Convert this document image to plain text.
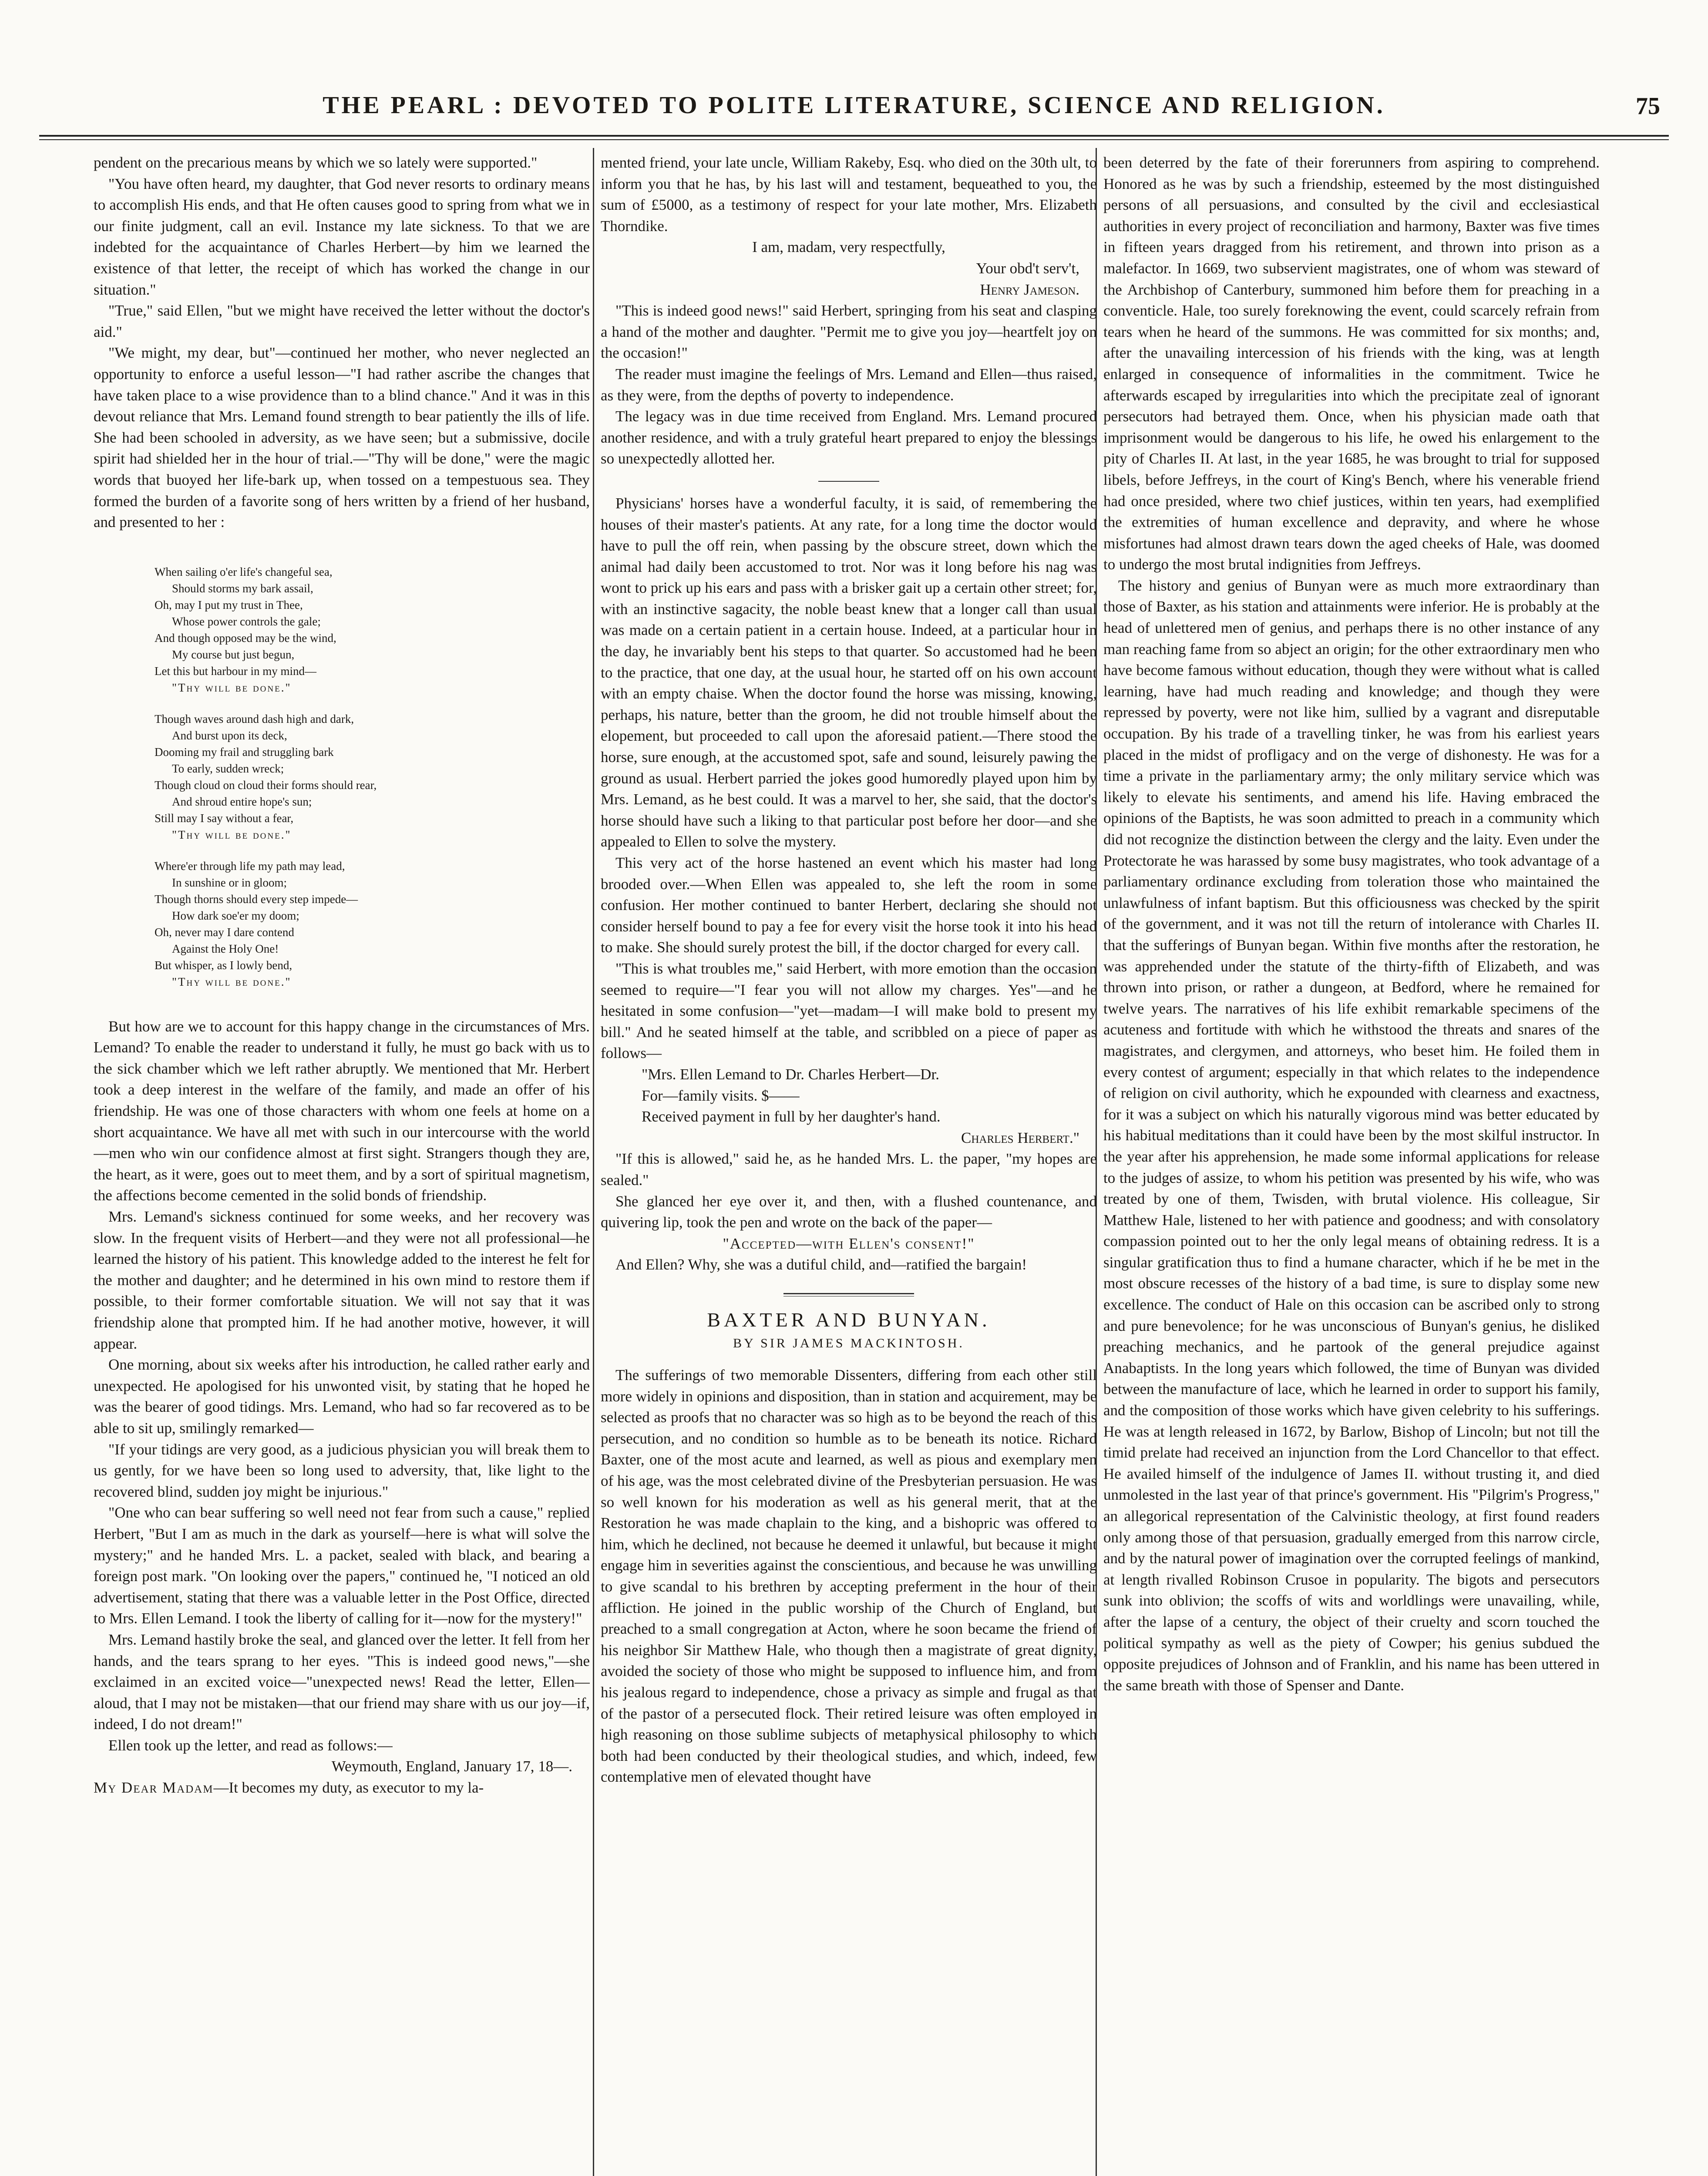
THE PEARL : DEVOTED TO POLITE LITERATURE, SCIENCE AND RELIGION.	75

pendent on the precarious means by which we so lately were supported."

"You have often heard, my daughter, that God never resorts to ordinary means to accomplish His ends, and that He often causes good to spring from what we in our finite judgment, call an evil. Instance my late sickness. To that we are indebted for the acquaintance of Charles Herbert—by him we learned the existence of that letter, the receipt of which has worked the change in our situation."

"True," said Ellen, "but we might have received the letter without the doctor's aid."

"We might, my dear, but"—continued her mother, who never neglected an opportunity to enforce a useful lesson—"I had rather ascribe the changes that have taken place to a wise providence than to a blind chance." And it was in this devout reliance that Mrs. Lemand found strength to bear patiently the ills of life. She had been schooled in adversity, as we have seen; but a submissive, docile spirit had shielded her in the hour of trial.—"Thy will be done," were the magic words that buoyed her life-bark up, when tossed on a tempestuous sea. They formed the burden of a favorite song of hers written by a friend of her husband, and presented to her :

When sailing o'er life's changeful sea,
Should storms my bark assail,
Oh, may I put my trust in Thee,
Whose power controls the gale;
And though opposed may be the wind,
My course but just begun,
Let this but harbour in my mind—
"Thy will be done."
Though waves around dash high and dark,
And burst upon its deck,
Dooming my frail and struggling bark
To early, sudden wreck;
Though cloud on cloud their forms should rear,
And shroud entire hope's sun;
Still may I say without a fear,
"Thy will be done."
Where'er through life my path may lead,
In sunshine or in gloom;
Though thorns should every step impede—
How dark soe'er my doom;
Oh, never may I dare contend
Against the Holy One!
But whisper, as I lowly bend,
"Thy will be done."

But how are we to account for this happy change in the circumstances of Mrs. Lemand? To enable the reader to understand it fully, he must go back with us to the sick chamber which we left rather abruptly. We mentioned that Mr. Herbert took a deep interest in the welfare of the family, and made an offer of his friendship. He was one of those characters with whom one feels at home on a short acquaintance. We have all met with such in our intercourse with the world—men who win our confidence almost at first sight. Strangers though they are, the heart, as it were, goes out to meet them, and by a sort of spiritual magnetism, the affections become cemented in the solid bonds of friendship.

Mrs. Lemand's sickness continued for some weeks, and her recovery was slow. In the frequent visits of Herbert—and they were not all professional—he learned the history of his patient. This knowledge added to the interest he felt for the mother and daughter; and he determined in his own mind to restore them if possible, to their former comfortable situation. We will not say that it was friendship alone that prompted him. If he had another motive, however, it will appear.

One morning, about six weeks after his introduction, he called rather early and unexpected. He apologised for his unwonted visit, by stating that he hoped he was the bearer of good tidings. Mrs. Lemand, who had so far recovered as to be able to sit up, smilingly remarked—

"If your tidings are very good, as a judicious physician you will break them to us gently, for we have been so long used to adversity, that, like light to the recovered blind, sudden joy might be injurious."

"One who can bear suffering so well need not fear from such a cause," replied Herbert, "But I am as much in the dark as yourself—here is what will solve the mystery;" and he handed Mrs. L. a packet, sealed with black, and bearing a foreign post mark. "On looking over the papers," continued he, "I noticed an old advertisement, stating that there was a valuable letter in the Post Office, directed to Mrs. Ellen Lemand. I took the liberty of calling for it—now for the mystery!"

Mrs. Lemand hastily broke the seal, and glanced over the letter. It fell from her hands, and the tears sprang to her eyes. "This is indeed good news,"—she exclaimed in an excited voice—"unexpected news! Read the letter, Ellen—aloud, that I may not be mistaken—that our friend may share with us our joy—if, indeed, I do not dream!"

Ellen took up the letter, and read as follows:—

Weymouth, England, January 17, 18—.

My Dear Madam—It becomes my duty, as executor to my la-

mented friend, your late uncle, William Rakeby, Esq. who died on the 30th ult, to inform you that he has, by his last will and testament, bequeathed to you, the sum of £5000, as a testimony of respect for your late mother, Mrs. Elizabeth Thorndike.

I am, madam, very respectfully,

Your obd't serv't,

Henry Jameson.

"This is indeed good news!" said Herbert, springing from his seat and clasping a hand of the mother and daughter. "Permit me to give you joy—heartfelt joy on the occasion!"

The reader must imagine the feelings of Mrs. Lemand and Ellen—thus raised, as they were, from the depths of poverty to independence.

The legacy was in due time received from England. Mrs. Lemand procured another residence, and with a truly grateful heart prepared to enjoy the blessings so unexpectedly allotted her.

Physicians' horses have a wonderful faculty, it is said, of remembering the houses of their master's patients. At any rate, for a long time the doctor would have to pull the off rein, when passing by the obscure street, down which the animal had daily been accustomed to trot. Nor was it long before his nag was wont to prick up his ears and pass with a brisker gait up a certain other street; for, with an instinctive sagacity, the noble beast knew that a longer call than usual was made on a certain patient in a certain house. Indeed, at a particular hour in the day, he invariably bent his steps to that quarter. So accustomed had he been to the practice, that one day, at the usual hour, he started off on his own account with an empty chaise. When the doctor found the horse was missing, knowing, perhaps, his nature, better than the groom, he did not trouble himself about the elopement, but proceeded to call upon the aforesaid patient.—There stood the horse, sure enough, at the accustomed spot, safe and sound, leisurely pawing the ground as usual. Herbert parried the jokes good humoredly played upon him by Mrs. Lemand, as he best could. It was a marvel to her, she said, that the doctor's horse should have such a liking to that particular post before her door—and she appealed to Ellen to solve the mystery.

This very act of the horse hastened an event which his master had long brooded over.—When Ellen was appealed to, she left the room in some confusion. Her mother continued to banter Herbert, declaring she should not consider herself bound to pay a fee for every visit the horse took it into his head to make. She should surely protest the bill, if the doctor charged for every call.

"This is what troubles me," said Herbert, with more emotion than the occasion seemed to require—"I fear you will not allow my charges. Yes"—and he hesitated in some confusion—"yet—madam—I will make bold to present my bill." And he seated himself at the table, and scribbled on a piece of paper as follows—

"Mrs. Ellen Lemand to Dr. Charles Herbert—Dr.

For—family visits. $——

Received payment in full by her daughter's hand.

Charles Herbert."

"If this is allowed," said he, as he handed Mrs. L. the paper, "my hopes are sealed."

She glanced her eye over it, and then, with a flushed countenance, and quivering lip, took the pen and wrote on the back of the paper—

"Accepted—with Ellen's consent!"

And Ellen? Why, she was a dutiful child, and—ratified the bargain!

BAXTER AND BUNYAN.

BY SIR JAMES MACKINTOSH.

The sufferings of two memorable Dissenters, differing from each other still more widely in opinions and disposition, than in station and acquirement, may be selected as proofs that no character was so high as to be beyond the reach of this persecution, and no condition so humble as to be beneath its notice. Richard Baxter, one of the most acute and learned, as well as pious and exemplary men of his age, was the most celebrated divine of the Presbyterian persuasion. He was so well known for his moderation as well as his general merit, that at the Restoration he was made chaplain to the king, and a bishopric was offered to him, which he declined, not because he deemed it unlawful, but because it might engage him in severities against the conscientious, and because he was unwilling to give scandal to his brethren by accepting preferment in the hour of their affliction. He joined in the public worship of the Church of England, but preached to a small congregation at Acton, where he soon became the friend of his neighbor Sir Matthew Hale, who though then a magistrate of great dignity, avoided the society of those who might be supposed to influence him, and from his jealous regard to independence, chose a privacy as simple and frugal as that of the pastor of a persecuted flock. Their retired leisure was often employed in high reasoning on those sublime subjects of metaphysical philosophy to which both had been conducted by their theological studies, and which, indeed, few contemplative men of elevated thought have

been deterred by the fate of their forerunners from aspiring to comprehend. Honored as he was by such a friendship, esteemed by the most distinguished persons of all persuasions, and consulted by the civil and ecclesiastical authorities in every project of reconciliation and harmony, Baxter was five times in fifteen years dragged from his retirement, and thrown into prison as a malefactor. In 1669, two subservient magistrates, one of whom was steward of the Archbishop of Canterbury, summoned him before them for preaching in a conventicle. Hale, too surely foreknowing the event, could scarcely refrain from tears when he heard of the summons. He was committed for six months; and, after the unavailing intercession of his friends with the king, was at length enlarged in consequence of informalities in the commitment. Twice he afterwards escaped by irregularities into which the precipitate zeal of ignorant persecutors had betrayed them. Once, when his physician made oath that imprisonment would be dangerous to his life, he owed his enlargement to the pity of Charles II. At last, in the year 1685, he was brought to trial for supposed libels, before Jeffreys, in the court of King's Bench, where his venerable friend had once presided, where two chief justices, within ten years, had exemplified the extremities of human excellence and depravity, and where he whose misfortunes had almost drawn tears down the aged cheeks of Hale, was doomed to undergo the most brutal indignities from Jeffreys.

The history and genius of Bunyan were as much more extraordinary than those of Baxter, as his station and attainments were inferior. He is probably at the head of unlettered men of genius, and perhaps there is no other instance of any man reaching fame from so abject an origin; for the other extraordinary men who have become famous without education, though they were without what is called learning, have had much reading and knowledge; and though they were repressed by poverty, were not like him, sullied by a vagrant and disreputable occupation. By his trade of a travelling tinker, he was from his earliest years placed in the midst of profligacy and on the verge of dishonesty. He was for a time a private in the parliamentary army; the only military service which was likely to elevate his sentiments, and amend his life. Having embraced the opinions of the Baptists, he was soon admitted to preach in a community which did not recognize the distinction between the clergy and the laity. Even under the Protectorate he was harassed by some busy magistrates, who took advantage of a parliamentary ordinance excluding from toleration those who maintained the unlawfulness of infant baptism. But this officiousness was checked by the spirit of the government, and it was not till the return of intolerance with Charles II. that the sufferings of Bunyan began. Within five months after the restoration, he was apprehended under the statute of the thirty-fifth of Elizabeth, and was thrown into prison, or rather a dungeon, at Bedford, where he remained for twelve years. The narratives of his life exhibit remarkable specimens of the acuteness and fortitude with which he withstood the threats and snares of the magistrates, and clergymen, and attorneys, who beset him. He foiled them in every contest of argument; especially in that which relates to the independence of religion on civil authority, which he expounded with clearness and exactness, for it was a subject on which his naturally vigorous mind was better educated by his habitual meditations than it could have been by the most skilful instructor. In the year after his apprehension, he made some informal applications for release to the judges of assize, to whom his petition was presented by his wife, who was treated by one of them, Twisden, with brutal violence. His colleague, Sir Matthew Hale, listened to her with patience and goodness; and with consolatory compassion pointed out to her the only legal means of obtaining redress. It is a singular gratification thus to find a humane character, which if he be met in the most obscure recesses of the history of a bad time, is sure to display some new excellence. The conduct of Hale on this occasion can be ascribed only to strong and pure benevolence; for he was unconscious of Bunyan's genius, he disliked preaching mechanics, and he partook of the general prejudice against Anabaptists. In the long years which followed, the time of Bunyan was divided between the manufacture of lace, which he learned in order to support his family, and the composition of those works which have given celebrity to his sufferings. He was at length released in 1672, by Barlow, Bishop of Lincoln; but not till the timid prelate had received an injunction from the Lord Chancellor to that effect. He availed himself of the indulgence of James II. without trusting it, and died unmolested in the last year of that prince's government. His "Pilgrim's Progress," an allegorical representation of the Calvinistic theology, at first found readers only among those of that persuasion, gradually emerged from this narrow circle, and by the natural power of imagination over the corrupted feelings of mankind, at length rivalled Robinson Crusoe in popularity. The bigots and persecutors sunk into oblivion; the scoffs of wits and worldlings were unavailing, while, after the lapse of a century, the object of their cruelty and scorn touched the political sympathy as well as the piety of Cowper; his genius subdued the opposite prejudices of Johnson and of Franklin, and his name has been uttered in the same breath with those of Spenser and Dante.
